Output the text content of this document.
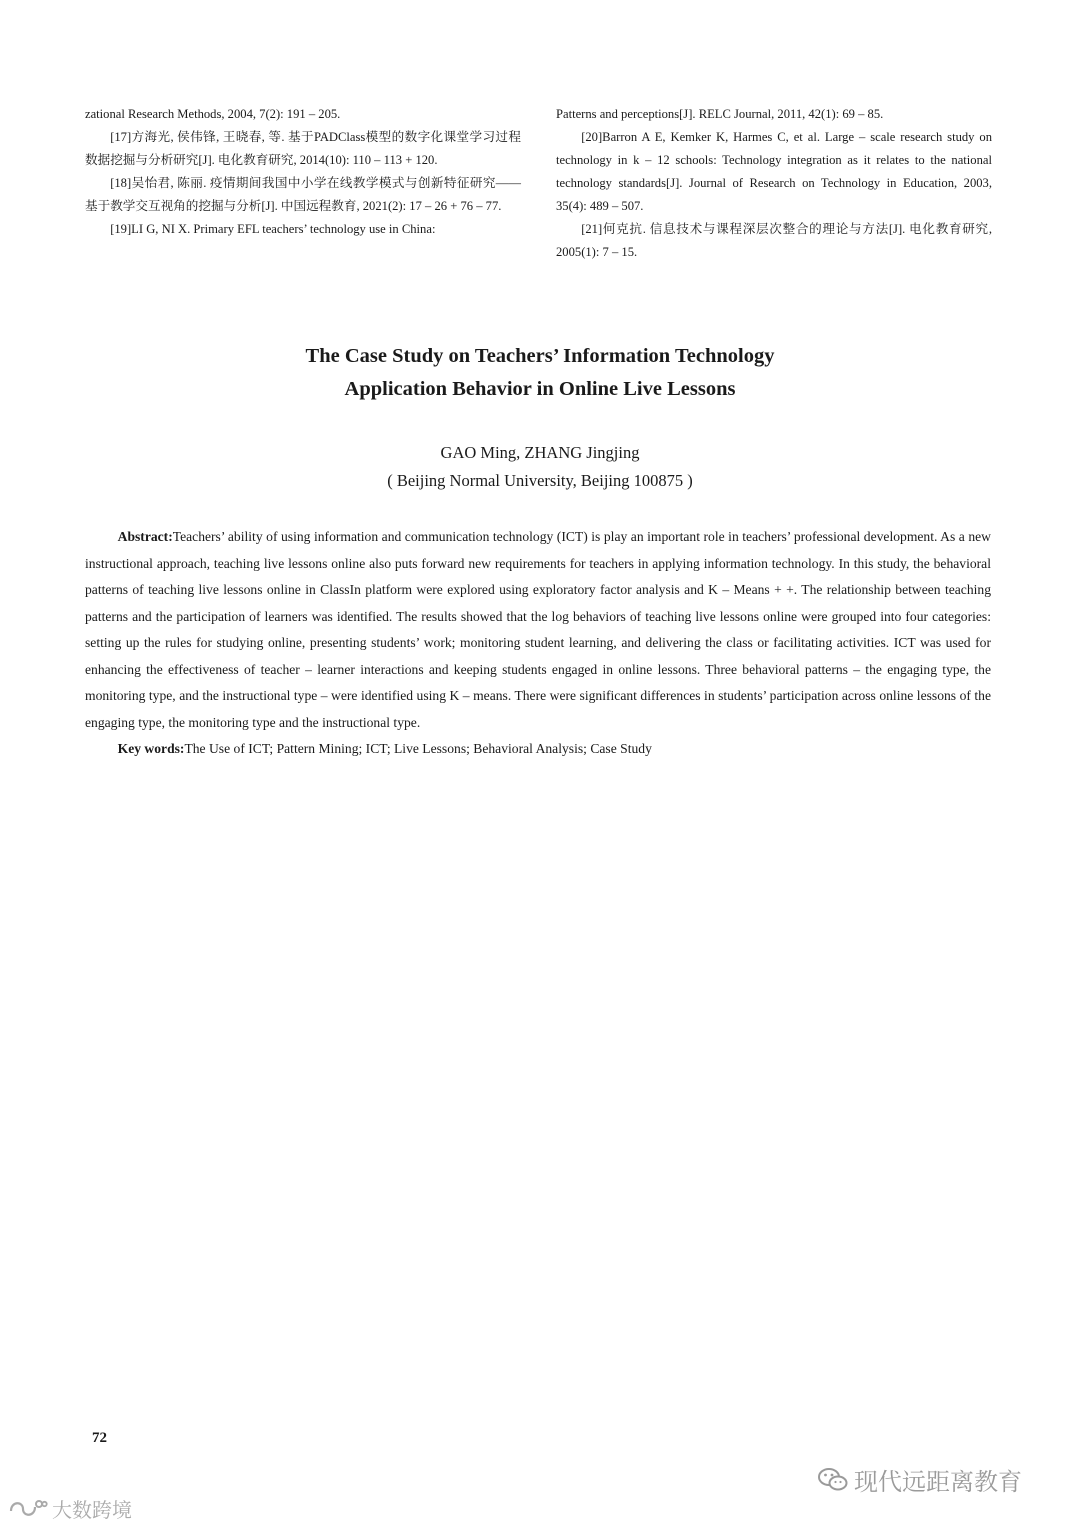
zational Research Methods, 2004, 7(2): 191 – 205.

[17]方海光, 侯伟锋, 王晓春, 等. 基于PADClass模型的数字化课堂学习过程数据挖掘与分析研究[J]. 电化教育研究, 2014(10): 110 – 113 + 120.

[18]吴怡君, 陈丽. 疫情期间我国中小学在线教学模式与创新特征研究——基于教学交互视角的挖掘与分析[J]. 中国远程教育, 2021(2): 17 – 26 + 76 – 77.

[19]LI G, NI X. Primary EFL teachers’ technology use in China:

Patterns and perceptions[J]. RELC Journal, 2011, 42(1): 69 – 85.

[20]Barron A E, Kemker K, Harmes C, et al. Large – scale research study on technology in k – 12 schools: Technology integration as it relates to the national technology standards[J]. Journal of Research on Technology in Education, 2003, 35(4): 489 – 507.

[21]何克抗. 信息技术与课程深层次整合的理论与方法[J]. 电化教育研究, 2005(1): 7 – 15.

The Case Study on Teachers’ Information Technology

Application Behavior in Online Live Lessons

GAO Ming, ZHANG Jingjing

( Beijing Normal University, Beijing 100875 )

Abstract:Teachers’ ability of using information and communication technology (ICT) is play an important role in teachers’ professional development. As a new instructional approach, teaching live lessons online also puts forward new requirements for teachers in applying information technology. In this study, the behavioral patterns of teaching live lessons online in ClassIn platform were explored using exploratory factor analysis and K – Means + +. The relationship between teaching patterns and the participation of learners was identified. The results showed that the log behaviors of teaching live lessons online were grouped into four categories: setting up the rules for studying online, presenting students’ work; monitoring student learning, and delivering the class or facilitating activities. ICT was used for enhancing the effectiveness of teacher – learner interactions and keeping students engaged in online lessons. Three behavioral patterns – the engaging type, the monitoring type, and the instructional type – were identified using K – means. There were significant differences in students’ participation across online lessons of the engaging type, the monitoring type and the instructional type.

Key words:The Use of ICT; Pattern Mining; ICT; Live Lessons; Behavioral Analysis; Case Study

72
现代远距离教育
大数跨境
